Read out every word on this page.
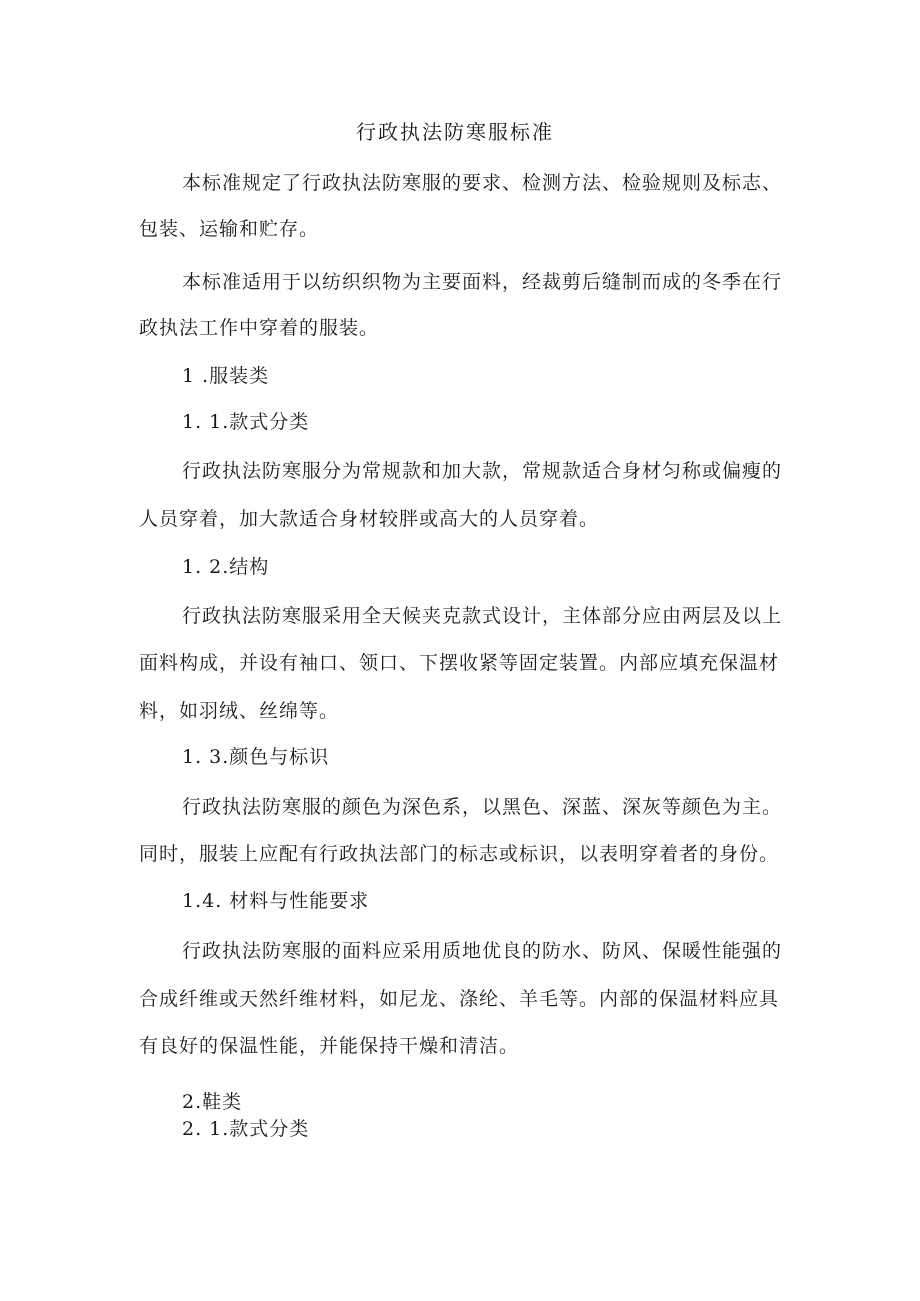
行政执法防寒服标准
本标准规定了行政执法防寒服的要求、检测方法、检验规则及标志、
包装、运输和贮存。
本标准适用于以纺织织物为主要面料，经裁剪后缝制而成的冬季在行
政执法工作中穿着的服装。
1 .服装类
1. 1.款式分类
行政执法防寒服分为常规款和加大款，常规款适合身材匀称或偏瘦的
人员穿着，加大款适合身材较胖或高大的人员穿着。
1. 2.结构
行政执法防寒服采用全天候夹克款式设计，主体部分应由两层及以上
面料构成，并设有袖口、领口、下摆收紧等固定装置。内部应填充保温材
料，如羽绒、丝绵等。
1. 3.颜色与标识
行政执法防寒服的颜色为深色系，以黑色、深蓝、深灰等颜色为主。
同时，服装上应配有行政执法部门的标志或标识，以表明穿着者的身份。
1.4. 材料与性能要求
行政执法防寒服的面料应采用质地优良的防水、防风、保暖性能强的
合成纤维或天然纤维材料，如尼龙、涤纶、羊毛等。内部的保温材料应具
有良好的保温性能，并能保持干燥和清洁。
2.鞋类
2. 1.款式分类
